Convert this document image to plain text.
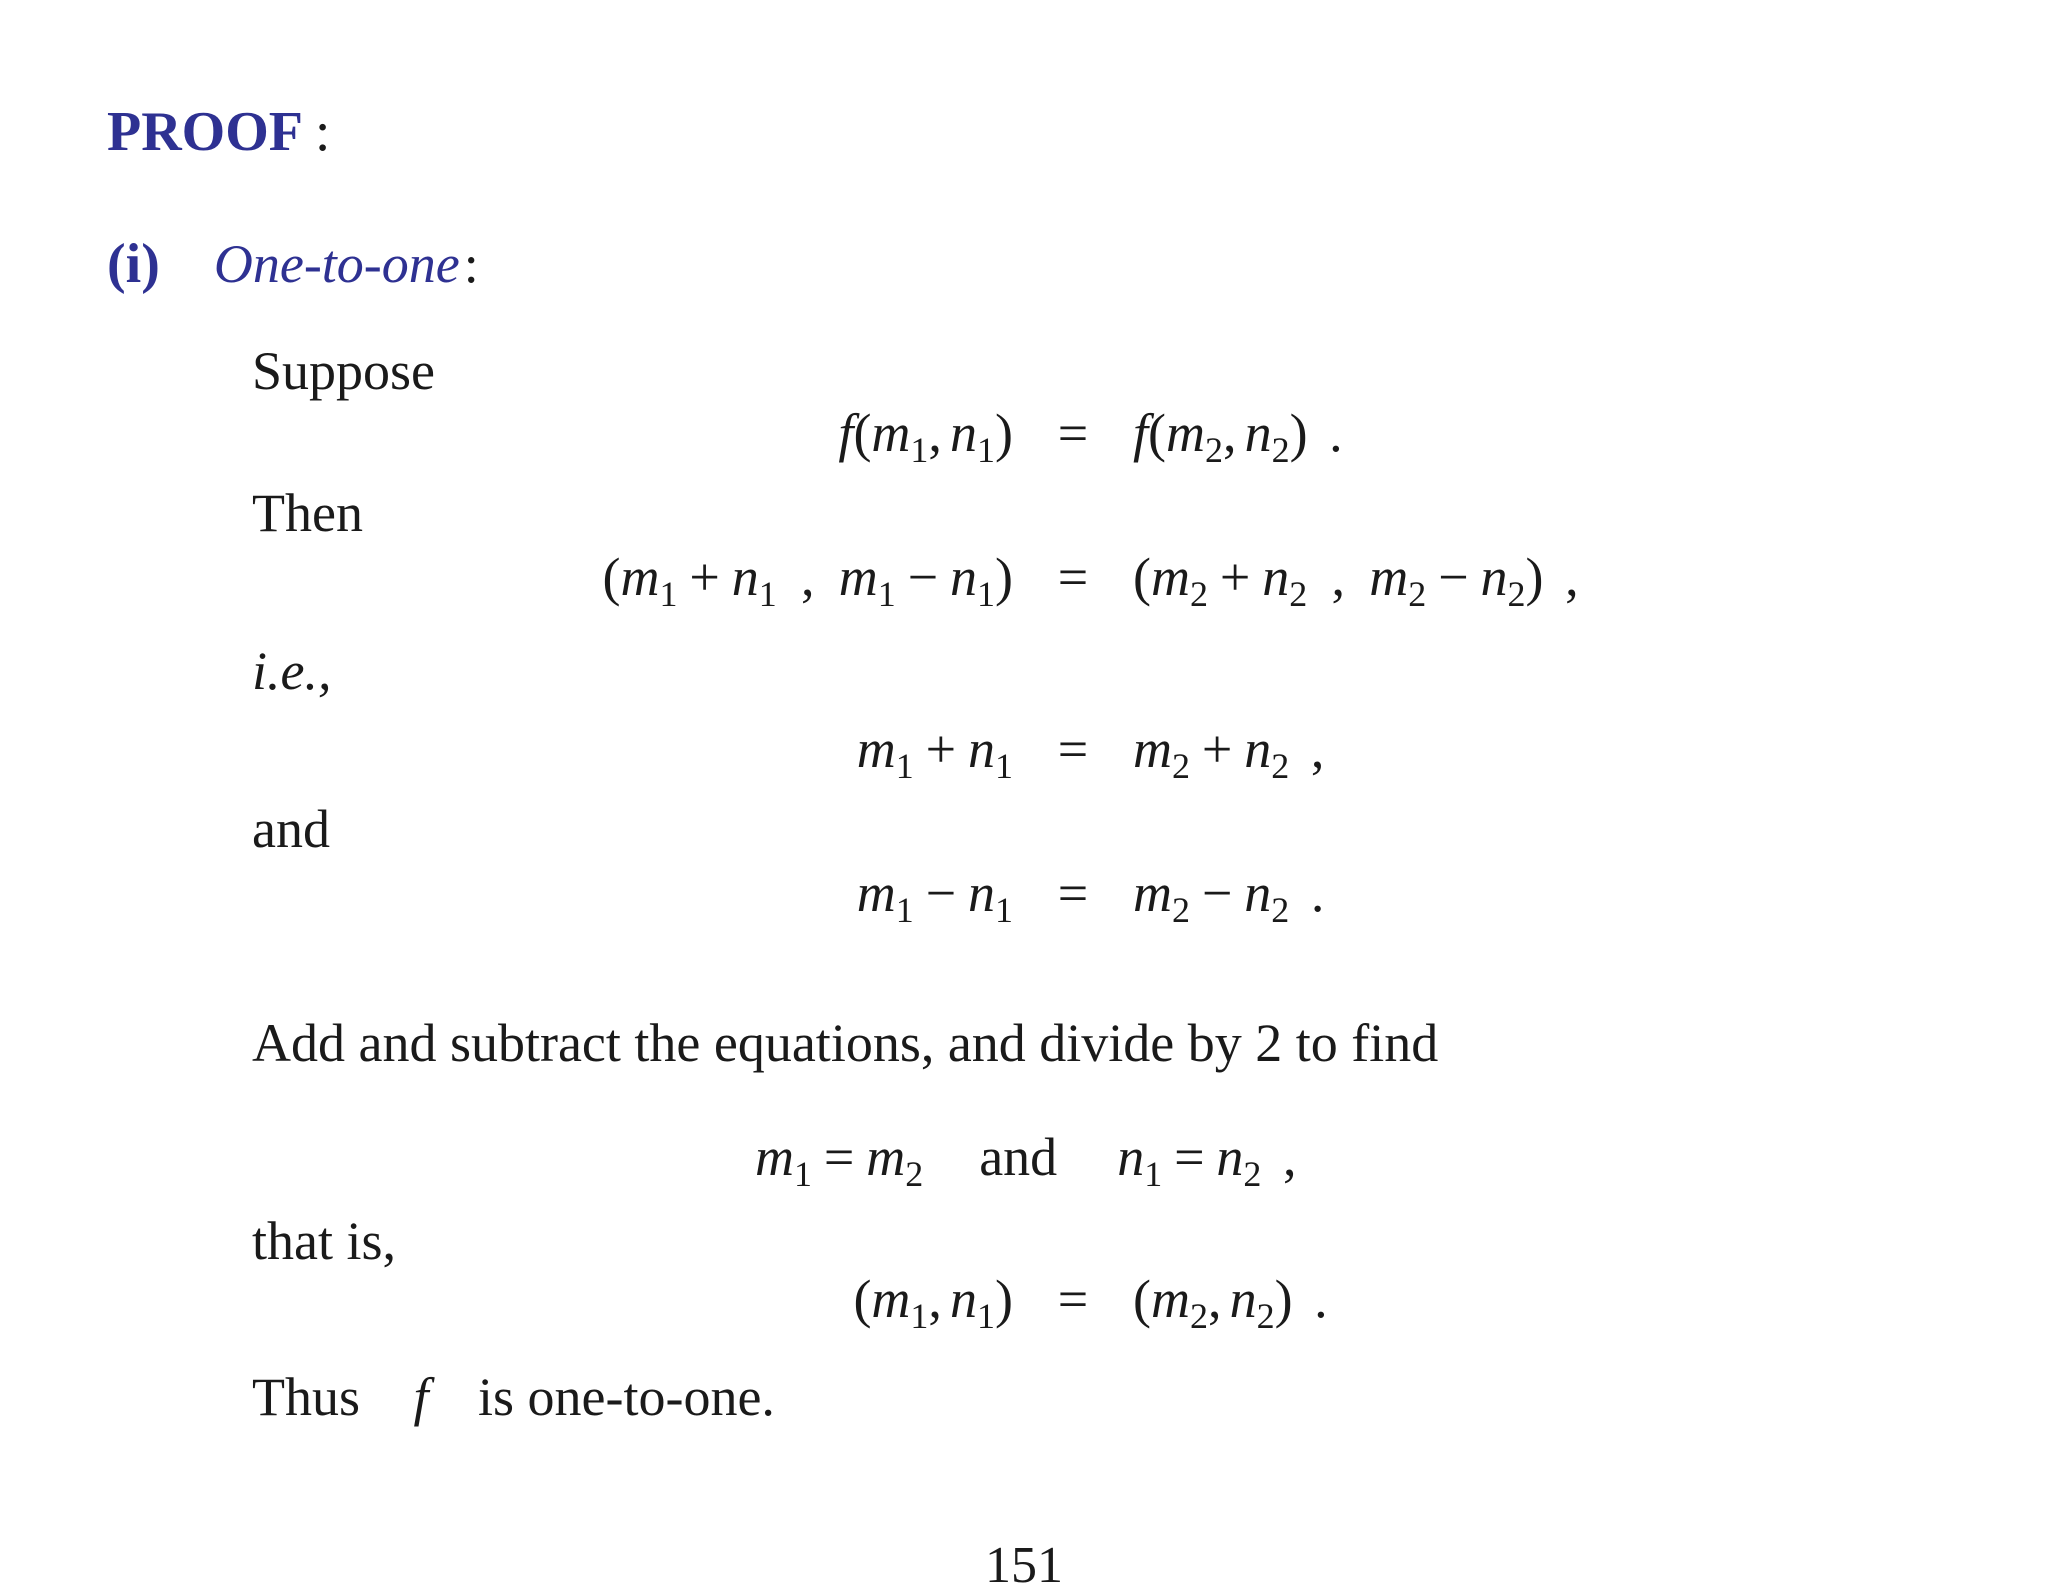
PROOF :
(i) One-to-one :
Suppose
$f(m_1$, $n_1) = f(m_2$, $n_2$) .
Then
($m_1 + n_1$ , $m_1 - n_1) = (m_2 + n_2$ , $m_2 - n_2$) ,
i.e.,
$m_1 + n_1 = m_2 + n_2$ ,
and
$m_1 - n_1 = m_2 - n_2$ .
Add and subtract the equations, and divide by 2 to find
$m_1 = m_2$ and $n_1 = n_2$ ,
that is,
($m_1$, $n_1) = (m_2$, $n_2$) .
Thus f is one-to-one.
151
